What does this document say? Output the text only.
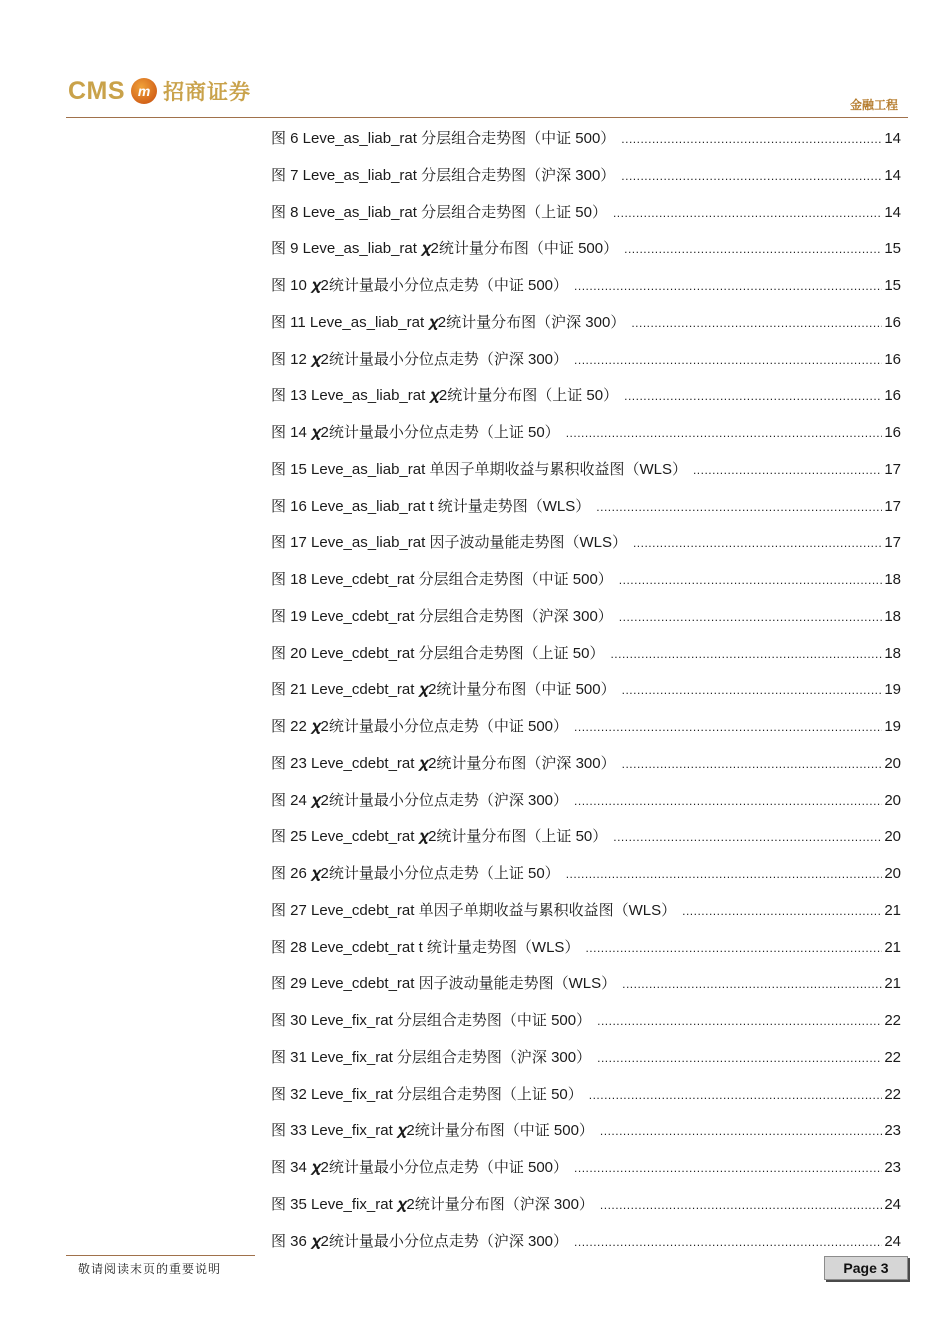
CMS m 招商证券
金融工程
图 6 Leve_as_liab_rat 分层组合走势图（中证 500） .....	14
图 7 Leve_as_liab_rat 分层组合走势图（沪深 300） .....	14
图 8 Leve_as_liab_rat 分层组合走势图（上证 50） .....	14
图 9 Leve_as_liab_rat 𝝌2统计量分布图（中证 500） .....	15
图 10 𝝌2统计量最小分位点走势（中证 500） .....	15
图 11 Leve_as_liab_rat 𝝌2统计量分布图（沪深 300） .....	16
图 12 𝝌2统计量最小分位点走势（沪深 300） .....	16
图 13 Leve_as_liab_rat 𝝌2统计量分布图（上证 50） .....	16
图 14 𝝌2统计量最小分位点走势（上证 50） .....	16
图 15 Leve_as_liab_rat 单因子单期收益与累积收益图（WLS） .....	17
图 16 Leve_as_liab_rat t 统计量走势图（WLS） .....	17
图 17 Leve_as_liab_rat 因子波动量能走势图（WLS） .....	17
图 18 Leve_cdebt_rat 分层组合走势图（中证 500） .....	18
图 19 Leve_cdebt_rat 分层组合走势图（沪深 300） .....	18
图 20 Leve_cdebt_rat 分层组合走势图（上证 50） .....	18
图 21 Leve_cdebt_rat 𝝌2统计量分布图（中证 500） .....	19
图 22 𝝌2统计量最小分位点走势（中证 500） .....	19
图 23 Leve_cdebt_rat 𝝌2统计量分布图（沪深 300） .....	20
图 24 𝝌2统计量最小分位点走势（沪深 300） .....	20
图 25 Leve_cdebt_rat 𝝌2统计量分布图（上证 50） .....	20
图 26 𝝌2统计量最小分位点走势（上证 50） .....	20
图 27 Leve_cdebt_rat 单因子单期收益与累积收益图（WLS） .....	21
图 28 Leve_cdebt_rat t 统计量走势图（WLS） .....	21
图 29 Leve_cdebt_rat 因子波动量能走势图（WLS） .....	21
图 30 Leve_fix_rat 分层组合走势图（中证 500） .....	22
图 31 Leve_fix_rat 分层组合走势图（沪深 300） .....	22
图 32 Leve_fix_rat 分层组合走势图（上证 50） .....	22
图 33 Leve_fix_rat 𝝌2统计量分布图（中证 500） .....	23
图 34 𝝌2统计量最小分位点走势（中证 500） .....	23
图 35 Leve_fix_rat 𝝌2统计量分布图（沪深 300） .....	24
图 36 𝝌2统计量最小分位点走势（沪深 300） .....	24
敬请阅读末页的重要说明	Page 3
